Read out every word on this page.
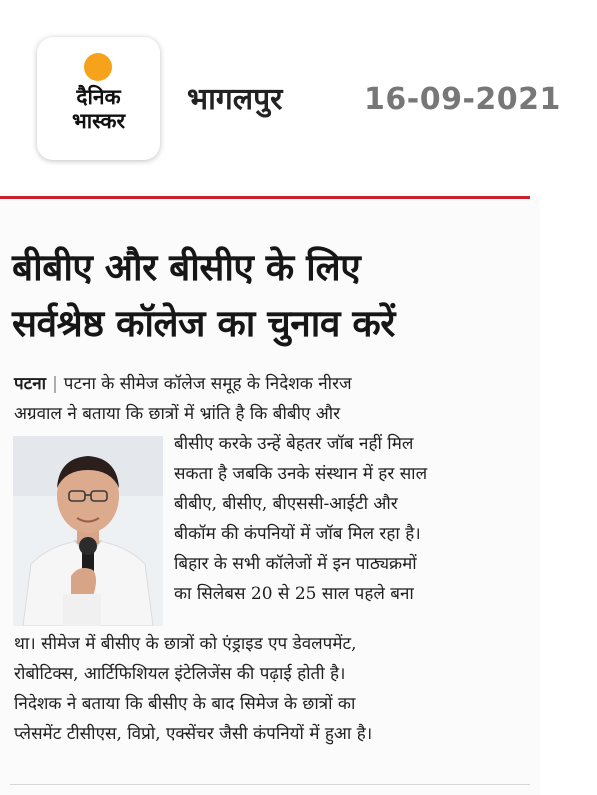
दैनिक
भास्कर
भागलपुर	16-09-2021
बीबीए और बीसीए के लिए
सर्वश्रेष्ठ कॉलेज का चुनाव करें
पटना | पटना के सीमेज कॉलेज समूह के निदेशक नीरज
अग्रवाल ने बताया कि छात्रों में भ्रांति है कि बीबीए और
बीसीए करके उन्हें बेहतर जॉब नहीं मिल
सकता है जबकि उनके संस्थान में हर साल
बीबीए, बीसीए, बीएससी-आईटी और
बीकॉम की कंपनियों में जॉब मिल रहा है।
बिहार के सभी कॉलेजों में इन पाठ्यक्रमों
का सिलेबस 20 से 25 साल पहले बना
था। सीमेज में बीसीए के छात्रों को एंड्राइड एप डेवलपमेंट,
रोबोटिक्स, आर्टिफिशियल इंटेलिजेंस की पढ़ाई होती है।
निदेशक ने बताया कि बीसीए के बाद सिमेज के छात्रों का
प्लेसमेंट टीसीएस, विप्रो, एक्सेंचर जैसी कंपनियों में हुआ है।
